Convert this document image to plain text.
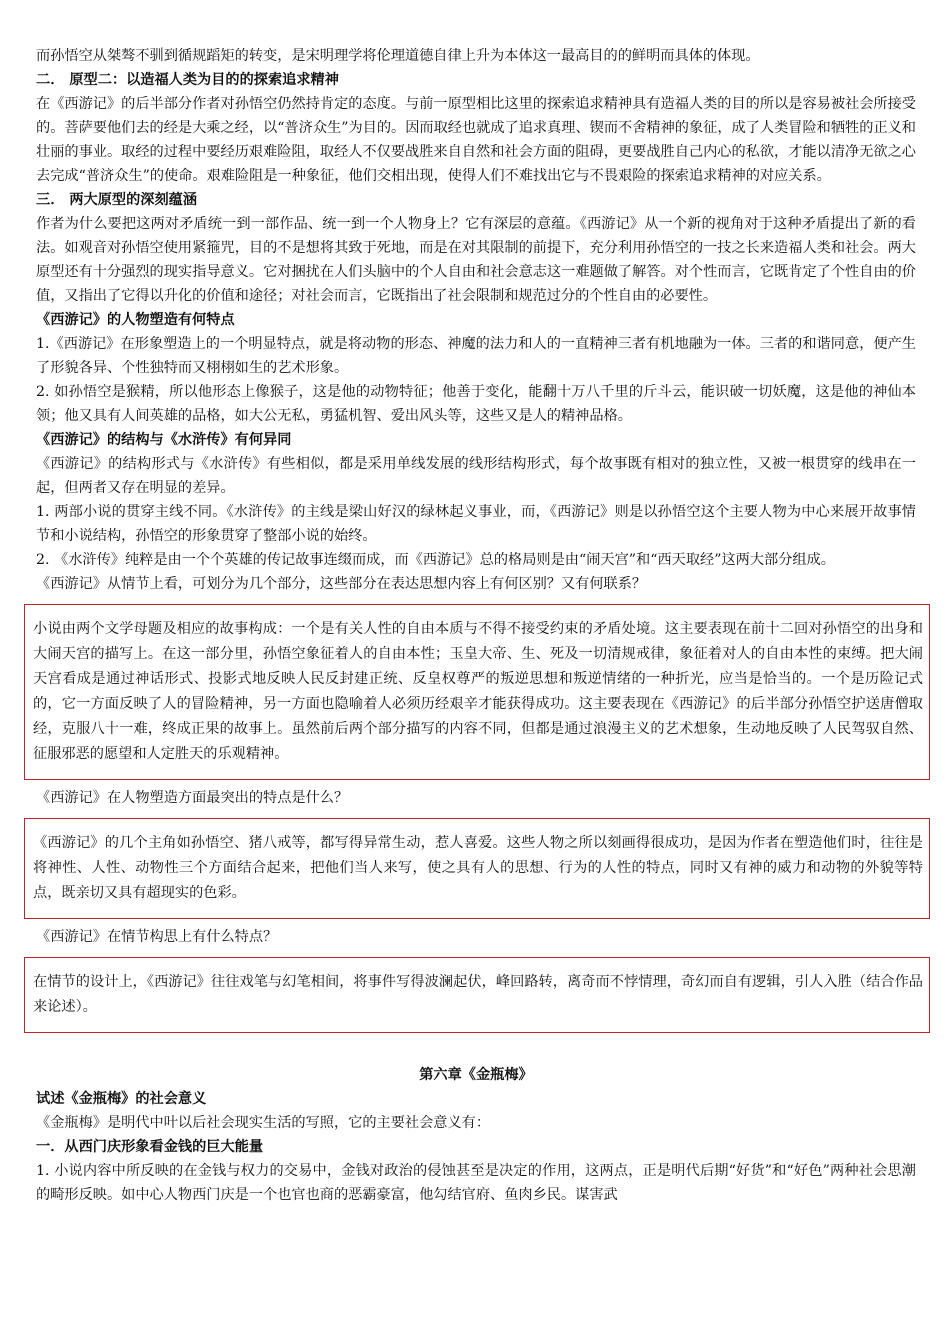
而孙悟空从桀骜不驯到循规蹈矩的转变，是宋明理学将伦理道德自律上升为本体这一最高目的的鲜明而具体的体现。

二． 原型二：以造福人类为目的的探索追求精神

在《西游记》的后半部分作者对孙悟空仍然持肯定的态度。与前一原型相比这里的探索追求精神具有造福人类的目的所以是容易被社会所接受的。菩萨要他们去的经是大乘之经，以“普济众生”为目的。因而取经也就成了追求真理、锲而不舍精神的象征，成了人类冒险和牺牲的正义和壮丽的事业。取经的过程中要经历艰难险阻，取经人不仅要战胜来自自然和社会方面的阻碍，更要战胜自己内心的私欲，才能以清净无欲之心去完成“普济众生”的使命。艰难险阻是一种象征，他们交相出现，使得人们不难找出它与不畏艰险的探索追求精神的对应关系。

三． 两大原型的深刻蕴涵

作者为什么要把这两对矛盾统一到一部作品、统一到一个人物身上？它有深层的意蕴。《西游记》从一个新的视角对于这种矛盾提出了新的看法。如观音对孙悟空使用紧箍咒，目的不是想将其致于死地，而是在对其限制的前提下，充分利用孙悟空的一技之长来造福人类和社会。两大原型还有十分强烈的现实指导意义。它对捆扰在人们头脑中的个人自由和社会意志这一难题做了解答。对个性而言，它既肯定了个性自由的价值，又指出了它得以升化的价值和途径；对社会而言，它既指出了社会限制和规范过分的个性自由的必要性。

《西游记》的人物塑造有何特点

1.《西游记》在形象塑造上的一个明显特点，就是将动物的形态、神魔的法力和人的一直精神三者有机地融为一体。三者的和谐同意，便产生了形貌各异、个性独特而又栩栩如生的艺术形象。

2. 如孙悟空是猴精，所以他形态上像猴子，这是他的动物特征；他善于变化，能翻十万八千里的斤斗云，能识破一切妖魔，这是他的神仙本领；他又具有人间英雄的品格，如大公无私，勇猛机智、爱出风头等，这些又是人的精神品格。

《西游记》的结构与《水浒传》有何异同

《西游记》的结构形式与《水浒传》有些相似，都是采用单线发展的线形结构形式，每个故事既有相对的独立性，又被一根贯穿的线串在一起，但两者又存在明显的差异。

1. 两部小说的贯穿主线不同。《水浒传》的主线是梁山好汉的绿林起义事业，而，《西游记》则是以孙悟空这个主要人物为中心来展开故事情节和小说结构，孙悟空的形象贯穿了整部小说的始终。

2. 《水浒传》纯粹是由一个个英雄的传记故事连缀而成，而《西游记》总的格局则是由“闹天宫”和“西天取经”这两大部分组成。

《西游记》从情节上看，可划分为几个部分，这些部分在表达思想内容上有何区别？又有何联系？

小说由两个文学母题及相应的故事构成：一个是有关人性的自由本质与不得不接受约束的矛盾处境。这主要表现在前十二回对孙悟空的出身和大闹天宫的描写上。在这一部分里，孙悟空象征着人的自由本性；玉皇大帝、生、死及一切清规戒律，象征着对人的自由本性的束缚。把大闹天宫看成是通过神话形式、投影式地反映人民反封建正统、反皇权尊严的叛逆思想和叛逆情绪的一种折光，应当是恰当的。一个是历险记式的，它一方面反映了人的冒险精神，另一方面也隐喻着人必须历经艰辛才能获得成功。这主要表现在《西游记》的后半部分孙悟空护送唐僧取经，克服八十一难，终成正果的故事上。虽然前后两个部分描写的内容不同，但都是通过浪漫主义的艺术想象，生动地反映了人民驾驭自然、征服邪恶的愿望和人定胜天的乐观精神。

《西游记》在人物塑造方面最突出的特点是什么？

《西游记》的几个主角如孙悟空、猪八戒等，都写得异常生动，惹人喜爱。这些人物之所以刻画得很成功，是因为作者在塑造他们时，往往是将神性、人性、动物性三个方面结合起来，把他们当人来写，使之具有人的思想、行为的人性的特点，同时又有神的威力和动物的外貌等特点，既亲切又具有超现实的色彩。

《西游记》在情节构思上有什么特点？

在情节的设计上，《西游记》往往戏笔与幻笔相间，将事件写得波澜起伏，峰回路转，离奇而不悖情理，奇幻而自有逻辑，引人入胜（结合作品来论述）。

第六章《金瓶梅》

试述《金瓶梅》的社会意义

《金瓶梅》是明代中叶以后社会现实生活的写照，它的主要社会意义有：

一．从西门庆形象看金钱的巨大能量

1. 小说内容中所反映的在金钱与权力的交易中，金钱对政治的侵蚀甚至是决定的作用，这两点，正是明代后期“好货”和“好色”两种社会思潮的畸形反映。如中心人物西门庆是一个也官也商的恶霸豪富，他勾结官府、鱼肉乡民。谋害武
